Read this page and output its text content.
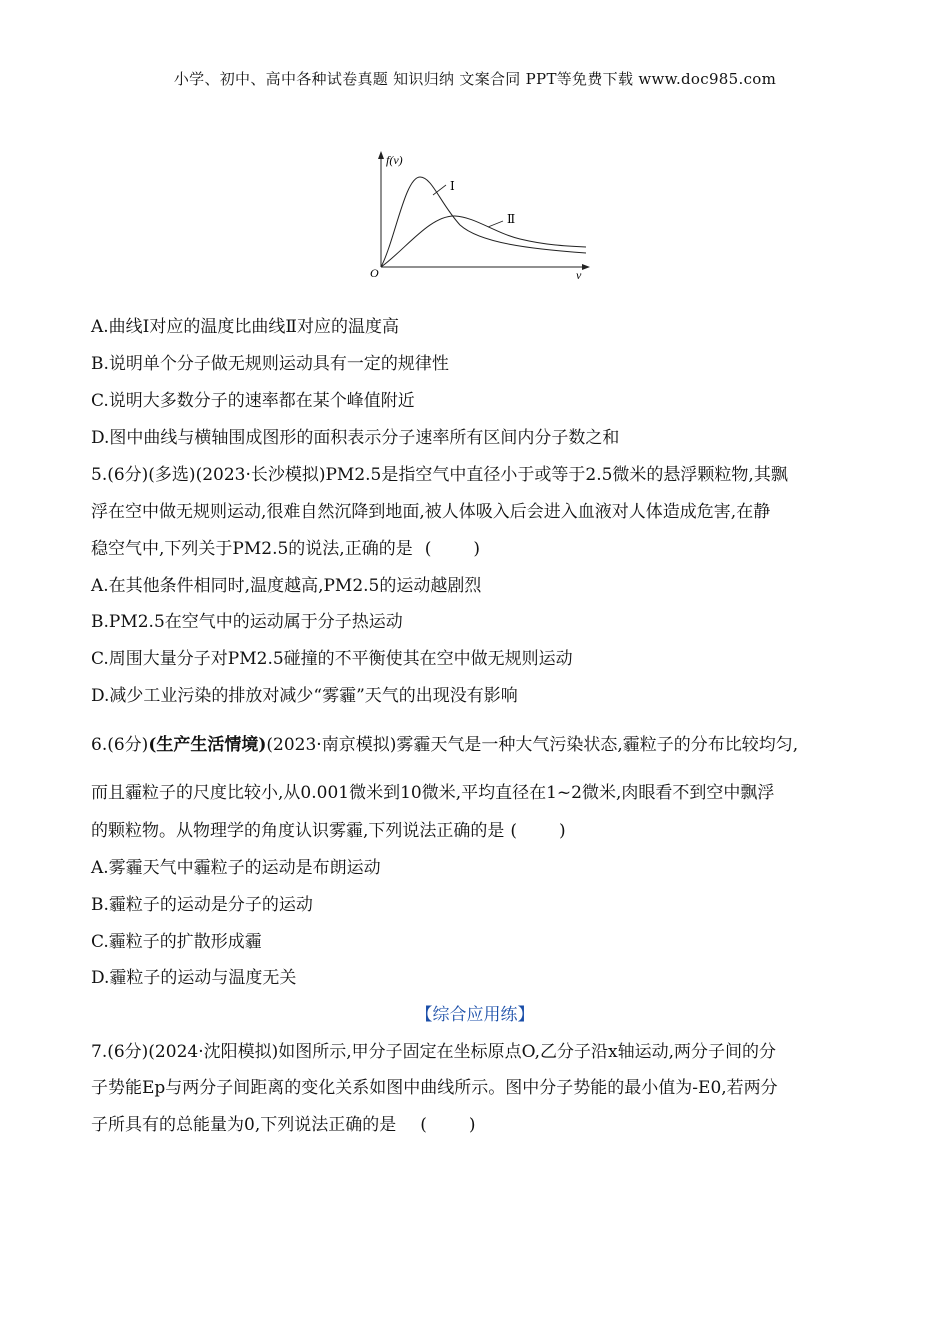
小学、初中、高中各种试卷真题 知识归纳 文案合同 PPT等免费下载 www.doc985.com
f(v)
v
O
Ⅰ
Ⅱ
A.曲线Ⅰ对应的温度比曲线Ⅱ对应的温度高
B.说明单个分子做无规则运动具有一定的规律性
C.说明大多数分子的速率都在某个峰值附近
D.图中曲线与横轴围成图形的面积表示分子速率所有区间内分子数之和
5.(6分)(多选)(2023·长沙模拟)PM2.5是指空气中直径小于或等于2.5微米的悬浮颗粒物,其飘
浮在空中做无规则运动,很难自然沉降到地面,被人体吸入后会进入血液对人体造成危害,在静
稳空气中,下列关于PM2.5的说法,正确的是 ( )
A.在其他条件相同时,温度越高,PM2.5的运动越剧烈
B.PM2.5在空气中的运动属于分子热运动
C.周围大量分子对PM2.5碰撞的不平衡使其在空中做无规则运动
D.减少工业污染的排放对减少“雾霾”天气的出现没有影响
6.(6分)(生产生活情境)(2023·南京模拟)雾霾天气是一种大气污染状态,霾粒子的分布比较均匀,
而且霾粒子的尺度比较小,从0.001微米到10微米,平均直径在1~2微米,肉眼看不到空中飘浮
的颗粒物。从物理学的角度认识雾霾,下列说法正确的是 ( )
A.雾霾天气中霾粒子的运动是布朗运动
B.霾粒子的运动是分子的运动
C.霾粒子的扩散形成霾
D.霾粒子的运动与温度无关
【综合应用练】
7.(6分)(2024·沈阳模拟)如图所示,甲分子固定在坐标原点O,乙分子沿x轴运动,两分子间的分
子势能Ep与两分子间距离的变化关系如图中曲线所示。图中分子势能的最小值为-E0,若两分
子所具有的总能量为0,下列说法正确的是 ( )
